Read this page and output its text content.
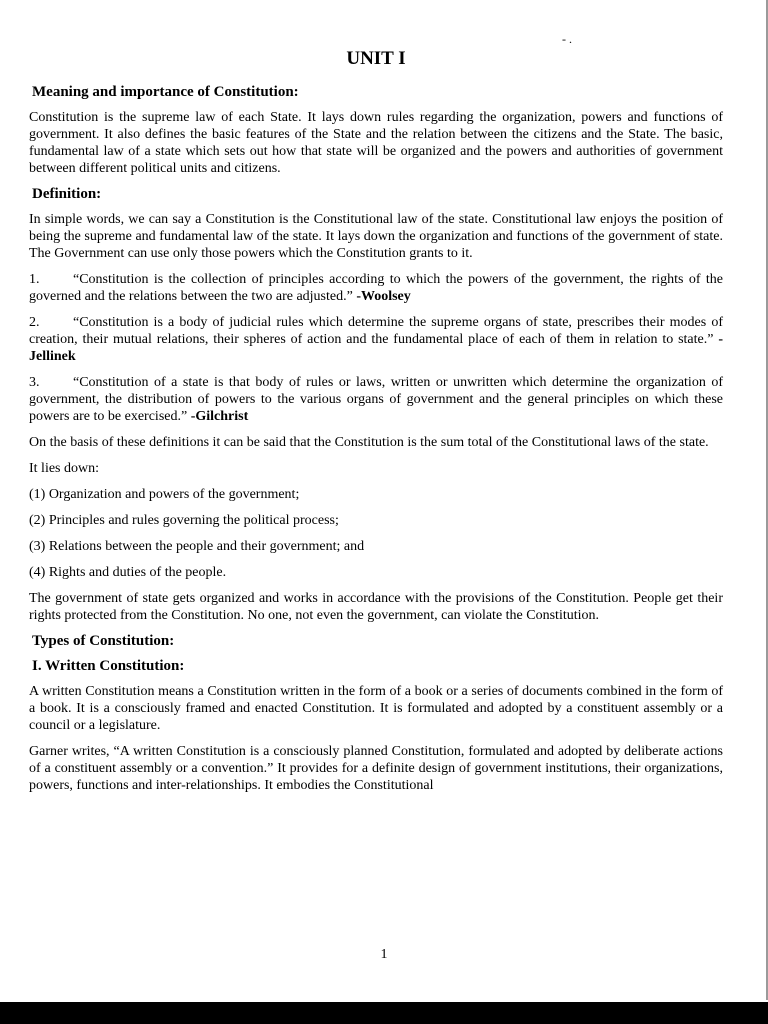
- .
UNIT I
Meaning and importance of Constitution:

Constitution is the supreme law of each State. It lays down rules regarding the organization, powers and functions of government. It also defines the basic features of the State and the relation between the citizens and the State. The basic, fundamental law of a state which sets out how that state will be organized and the powers and authorities of government between different political units and citizens.

Definition:

In simple words, we can say a Constitution is the Constitutional law of the state. Constitutional law enjoys the position of being the supreme and fundamental law of the state. It lays down the organization and functions of the government of state. The Government can use only those powers which the Constitution grants to it.

1. “Constitution is the collection of principles according to which the powers of the government, the rights of the governed and the relations between the two are adjusted.” -Woolsey

2. “Constitution is a body of judicial rules which determine the supreme organs of state, prescribes their modes of creation, their mutual relations, their spheres of action and the fundamental place of each of them in relation to state.” -Jellinek

3. “Constitution of a state is that body of rules or laws, written or unwritten which determine the organization of government, the distribution of powers to the various organs of government and the general principles on which these powers are to be exercised.” -Gilchrist

On the basis of these definitions it can be said that the Constitution is the sum total of the Constitutional laws of the state.

It lies down:
(1) Organization and powers of the government;
(2) Principles and rules governing the political process;
(3) Relations between the people and their government; and
(4) Rights and duties of the people.

The government of state gets organized and works in accordance with the provisions of the Constitution. People get their rights protected from the Constitution. No one, not even the government, can violate the Constitution.

Types of Constitution:
I. Written Constitution:

A written Constitution means a Constitution written in the form of a book or a series of documents combined in the form of a book. It is a consciously framed and enacted Constitution. It is formulated and adopted by a constituent assembly or a council or a legislature.

Garner writes, “A written Constitution is a consciously planned Constitution, formulated and adopted by deliberate actions of a constituent assembly or a convention.” It provides for a definite design of government institutions, their organizations, powers, functions and inter-relationships. It embodies the Constitutional

1
